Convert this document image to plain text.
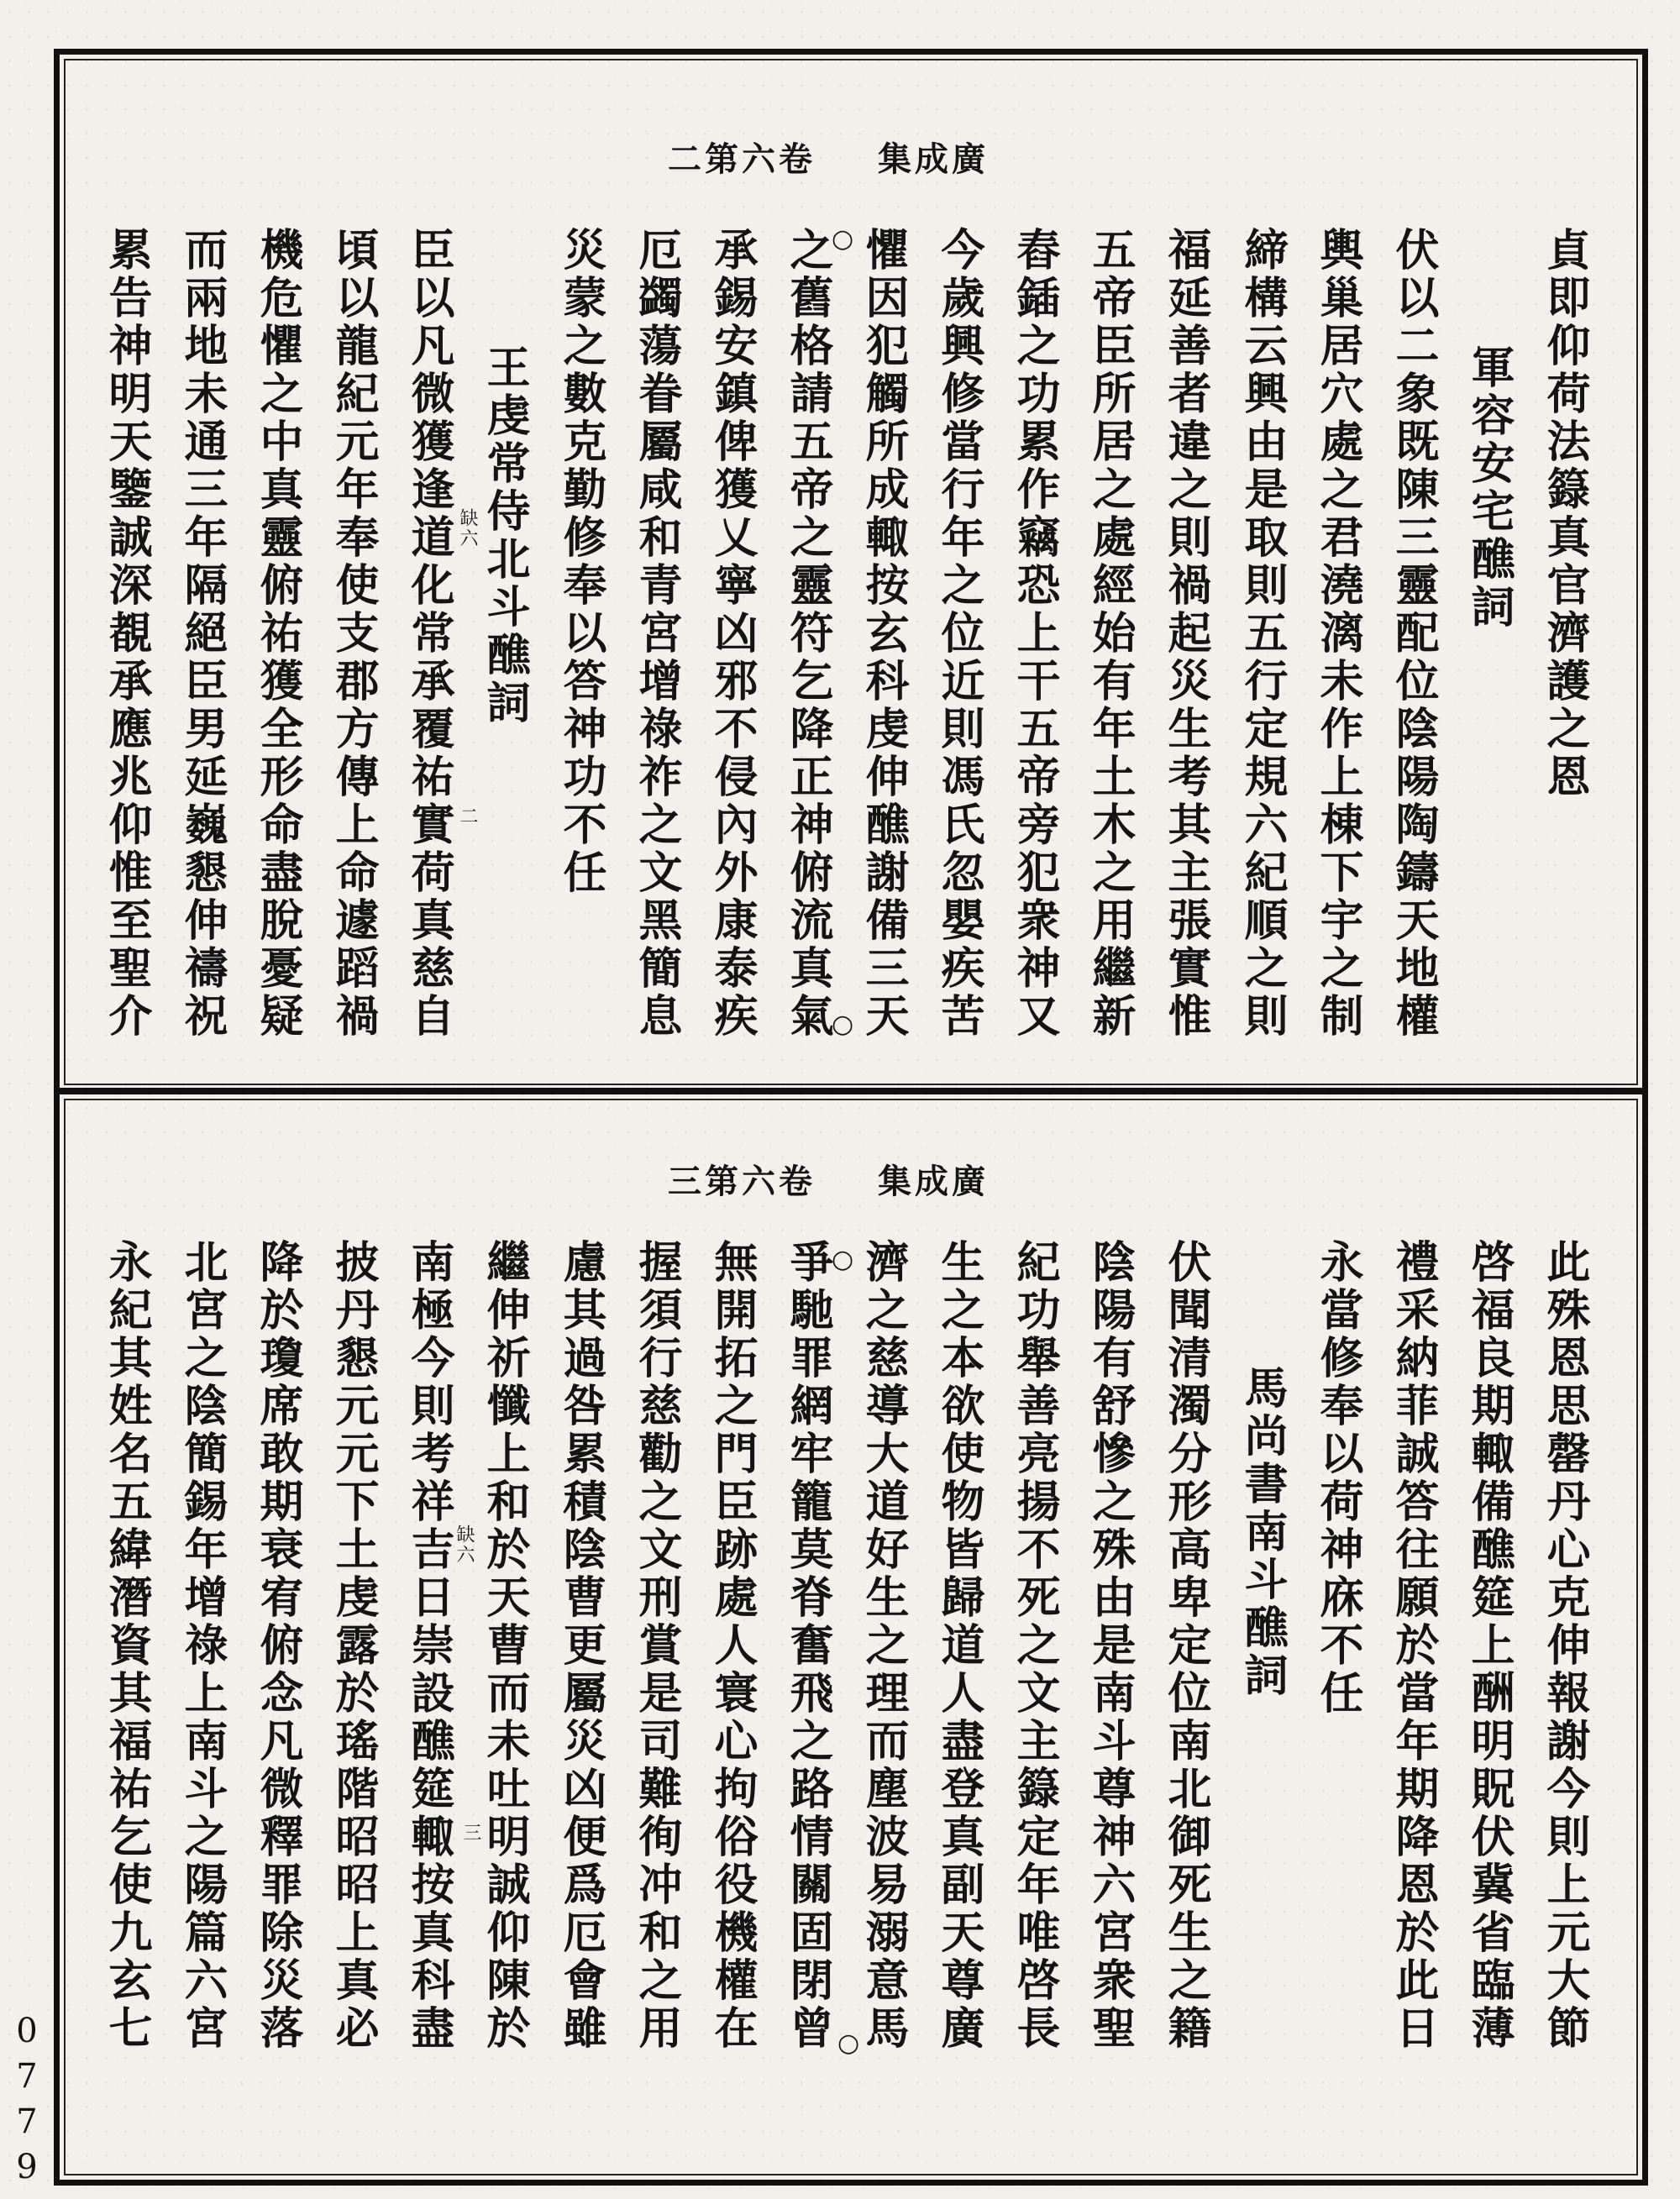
二第六卷 集成廣
貞即仰荷法籙真官濟護之恩
軍容安宅醮詞
伏以二象既陳三靈配位陰陽陶鑄天地權
輿巢居穴處之君澆漓未作上棟下宇之制
締構云興由是取則五行定規六紀順之則
福延善者違之則禍起災生考其主張實惟
五帝臣所居之處經始有年土木之用繼新
舂鍤之功累作竊恐上干五帝旁犯衆神又
今歲興修當行年之位近則馮氏忽嬰疾苦
懼因犯觸所成輙按玄科虔伸醮謝備三天
之舊格請五帝之靈符乞降正神俯流真氣
承錫安鎮俾獲乂寧凶邪不侵內外康泰疾
厄蠲蕩眷屬咸和青宮增祿祚之文黑簡息
災蒙之數克勤修奉以答神功不任
王虔常侍北斗醮詞
臣以凡微獲逢道化常承覆祐實荷真慈自
頃以龍紀元年奉使支郡方傳上命遽蹈禍
機危懼之中真靈俯祐獲全形命盡脫憂疑
而兩地未通三年隔絕臣男延巍懇伸禱祝
累告神明天鑒誠深覩承應兆仰惟至聖介	○
○
缺六
二
三第六卷 集成廣
此殊恩思罄丹心克伸報謝今則上元大節
啓福良期輙備醮筵上酬明貺伏冀省臨薄
禮采納菲誠答往願於當年期降恩於此日
永當修奉以荷神庥不任
馬尚書南斗醮詞
伏聞清濁分形高卑定位南北御死生之籍
陰陽有舒慘之殊由是南斗尊神六宮衆聖
紀功舉善亮揚不死之文主籙定年唯啓長
生之本欲使物皆歸道人盡登真副天尊廣
濟之慈導大道好生之理而塵波易溺意馬
爭馳罪網牢籠莫脊奮飛之路情關固閉曾
無開拓之門臣跡處人寰心拘俗役機權在
握須行慈勸之文刑賞是司難徇冲和之用
慮其過咎累積陰曹更屬災凶便爲厄會雖
繼伸祈懺上和於天曹而未吐明誠仰陳於
南極今則考祥吉日崇設醮筵輙按真科盡
披丹懇元元下土虔露於瑤階昭昭上真必
降於瓊席敢期衰宥俯念凡微釋罪除災落
北宮之陰簡錫年增祿上南斗之陽篇六宮
永紀其姓名五緯潛資其福祐乞使九玄七	○
○
缺六
三
0779
